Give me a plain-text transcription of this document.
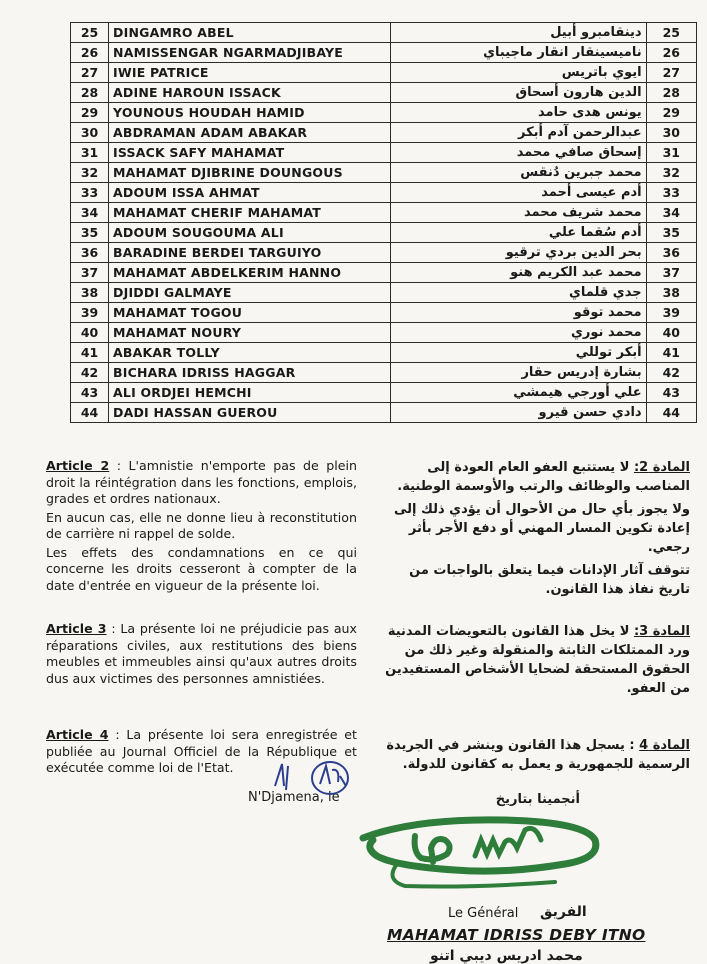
25	DINGAMRO ABEL	دينقامبرو أبيل	25
26	NAMISSENGAR NGARMADJIBAYE	ناميسينقار انقار ماجيباي	26
27	IWIE PATRICE	ايوي باتريس	27
28	ADINE HAROUN ISSACK	الدين هارون أسحاق	28
29	YOUNOUS HOUDAH HAMID	يونس هدى حامد	29
30	ABDRAMAN ADAM ABAKAR	عبدالرحمن آدم أبكر	30
31	ISSACK SAFY MAHAMAT	إسحاق صافي محمد	31
32	MAHAMAT DJIBRINE DOUNGOUS	محمد جبرين دُنقس	32
33	ADOUM ISSA AHMAT	أدم عيسى أحمد	33
34	MAHAMAT CHERIF MAHAMAT	محمد شريف محمد	34
35	ADOUM SOUGOUMA ALI	أدم سُقما علي	35
36	BARADINE BERDEI TARGUIYO	بحر الدين بردي ترقيو	36
37	MAHAMAT ABDELKERIM HANNO	محمد عبد الكريم هنو	37
38	DJIDDI GALMAYE	جدي قلماي	38
39	MAHAMAT TOGOU	محمد توقو	39
40	MAHAMAT NOURY	محمد نوري	40
41	ABAKAR TOLLY	أبكر توللي	41
42	BICHARA IDRISS HAGGAR	بشارة إدريس حقار	42
43	ALI ORDJEI HEMCHI	علي أورجي هيمشي	43
44	DADI HASSAN GUEROU	دادي حسن قيرو	44

Article 2 : L'amnistie n'emporte pas de plein droit la réintégration dans les fonctions, emplois, grades et ordres nationaux.

En aucun cas, elle ne donne lieu à reconstitution de carrière ni rappel de solde.

Les effets des condamnations en ce qui concerne les droits cesseront à compter de la date d'entrée en vigueur de la présente loi.

Article 3 : La présente loi ne préjudicie pas aux réparations civiles, aux restitutions des biens meubles et immeubles ainsi qu'aux autres droits dus aux victimes des personnes amnistiées.

Article 4 : La présente loi sera enregistrée et publiée au Journal Officiel de la République et exécutée comme loi de l'Etat.

N'Djamena, le

المادة 2: لا يستتبع العفو العام العودة إلى المناصب والوظائف والرتب والأوسمة الوطنية.

ولا يجوز بأي حال من الأحوال أن يؤدي ذلك إلى إعادة تكوين المسار المهني أو دفع الأجر بأثر رجعي.

تتوقف آثار الإدانات فيما يتعلق بالواجبات من تاريخ نفاذ هذا القانون.

المادة 3: لا يخل هذا القانون بالتعويضات المدنية ورد الممتلكات الثابتة والمنقولة وغير ذلك من الحقوق المستحقة لضحايا الأشخاص المستفيدين من العفو.

المادة 4 : يسجل هذا القانون وينشر في الجريدة الرسمية للجمهورية و يعمل به كقانون للدولة.

أنجمينا بتاريخ
Le Général الفريق
MAHAMAT IDRISS DEBY ITNO
محمد ادريس ديبي اتنو
